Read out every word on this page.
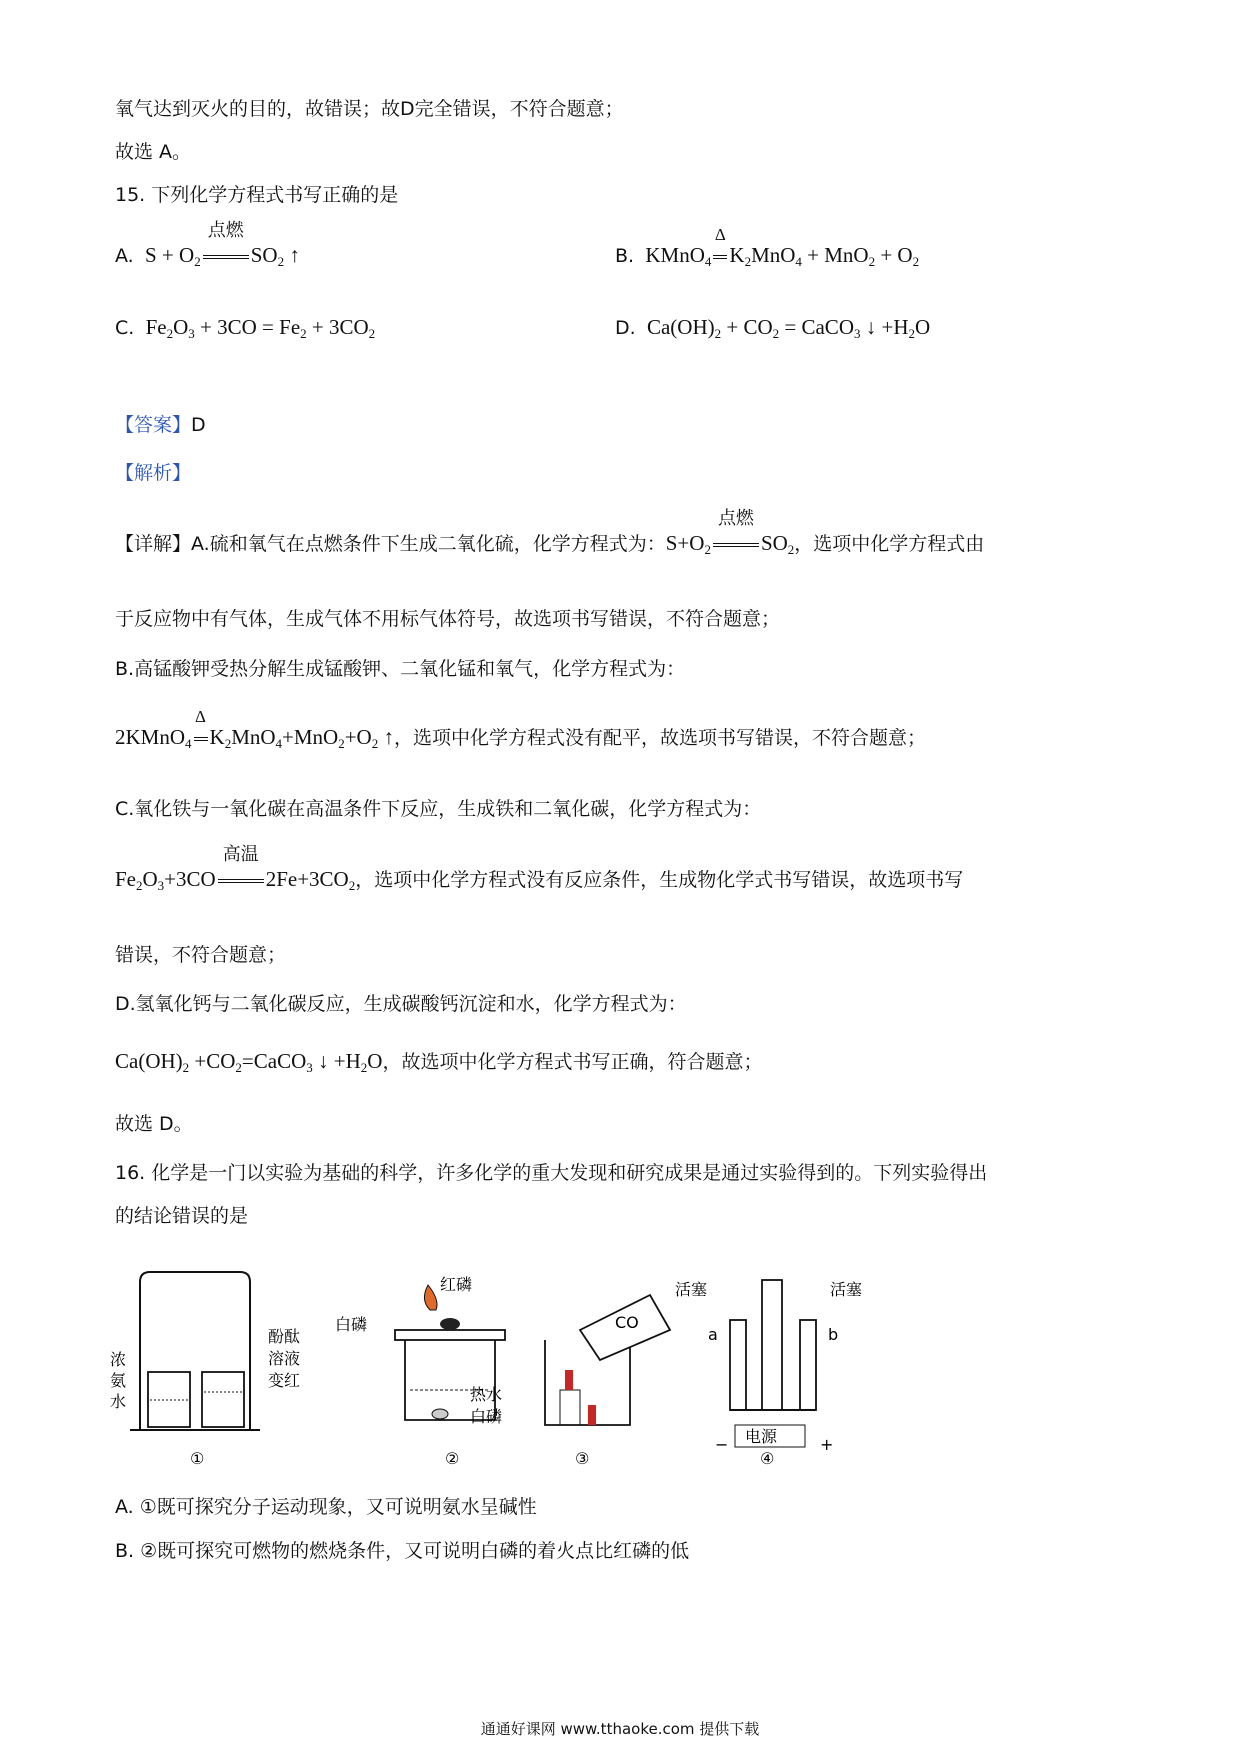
氧气达到灭火的目的，故错误；故D完全错误，不符合题意；
故选 A。
15. 下列化学方程式书写正确的是
A.  $S + O_2$
点燃
$SO_2$ ↑	B.  KMnO$_4$
Δ
$K_2MnO_4 + MnO_2 + O_2$
C.  $Fe_2O_3 + 3CO = Fe_2 + 3CO_2$	D.  $Ca(OH)_2 + CO_2$ = CaCO$_3$ ↓ $+H_2O$
【答案】D
【解析】
【详解】A.硫和氧气在点燃条件下生成二氧化硫，化学方程式为：$S+O_2$
点燃
$SO_2$，选项中化学方程式由
于反应物中有气体，生成气体不用标气体符号，故选项书写错误，不符合题意；
B.高锰酸钾受热分解生成锰酸钾、二氧化锰和氧气，化学方程式为：
2KMnO$_4$
Δ
$K_2MnO_4+MnO_2+O_2$ ↑，选项中化学方程式没有配平，故选项书写错误，不符合题意；
C.氧化铁与一氧化碳在高温条件下反应，生成铁和二氧化碳，化学方程式为：
$Fe_2O_3+3CO$
高温
$2Fe+3CO_2$，选项中化学方程式没有反应条件，生成物化学式书写错误，故选项书写
错误，不符合题意；
D.氢氧化钙与二氧化碳反应，生成碳酸钙沉淀和水，化学方程式为：
$Ca(OH)_2$ $+CO_2=CaCO_3$ ↓ $+H_2O$，故选项中化学方程式书写正确，符合题意；
故选 D。
16. 化学是一门以实验为基础的科学，许多化学的重大发现和研究成果是通过实验得到的。下列实验得出
的结论错误的是
浓
氨
水
酚酞
溶液
变红
①
红磷
白磷
热水
白磷
②
CO
③
电源
活塞	活塞
a	b
−	+
④
A. ①既可探究分子运动现象，又可说明氨水呈碱性
B. ②既可探究可燃物的燃烧条件，又可说明白磷的着火点比红磷的低
通通好课网 www.tthaoke.com 提供下载
